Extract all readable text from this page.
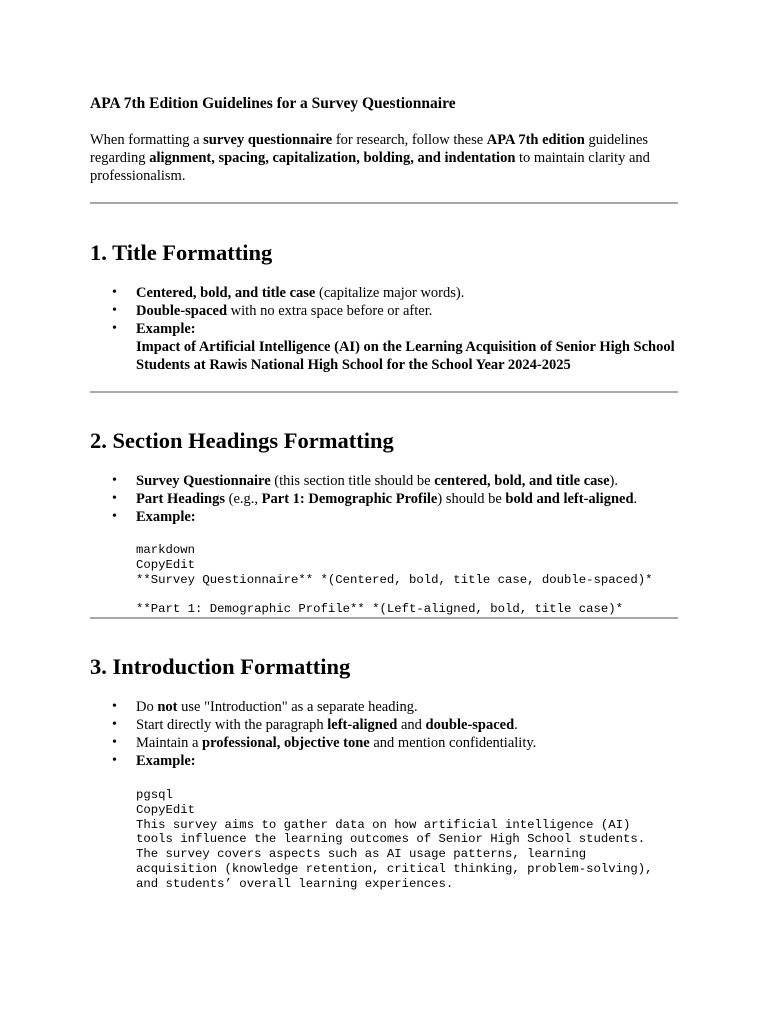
APA 7th Edition Guidelines for a Survey Questionnaire

When formatting a survey questionnaire for research, follow these APA 7th edition guidelines regarding alignment, spacing, capitalization, bolding, and indentation to maintain clarity and professionalism.

1. Title Formatting
• Centered, bold, and title case (capitalize major words).
• Double-spaced with no extra space before or after.
• Example:
Impact of Artificial Intelligence (AI) on the Learning Acquisition of Senior High School Students at Rawis National High School for the School Year 2024-2025
2. Section Headings Formatting
• Survey Questionnaire (this section title should be centered, bold, and title case).
• Part Headings (e.g., Part 1: Demographic Profile) should be bold and left-aligned.
• Example:
markdown
CopyEdit
**Survey Questionnaire** *(Centered, bold, title case, double-spaced)*

**Part 1: Demographic Profile** *(Left-aligned, bold, title case)*
3. Introduction Formatting
• Do not use "Introduction" as a separate heading.
• Start directly with the paragraph left-aligned and double-spaced.
• Maintain a professional, objective tone and mention confidentiality.
• Example:
pgsql
CopyEdit
This survey aims to gather data on how artificial intelligence (AI)
tools influence the learning outcomes of Senior High School students.
The survey covers aspects such as AI usage patterns, learning
acquisition (knowledge retention, critical thinking, problem-solving),
and students’ overall learning experiences.
